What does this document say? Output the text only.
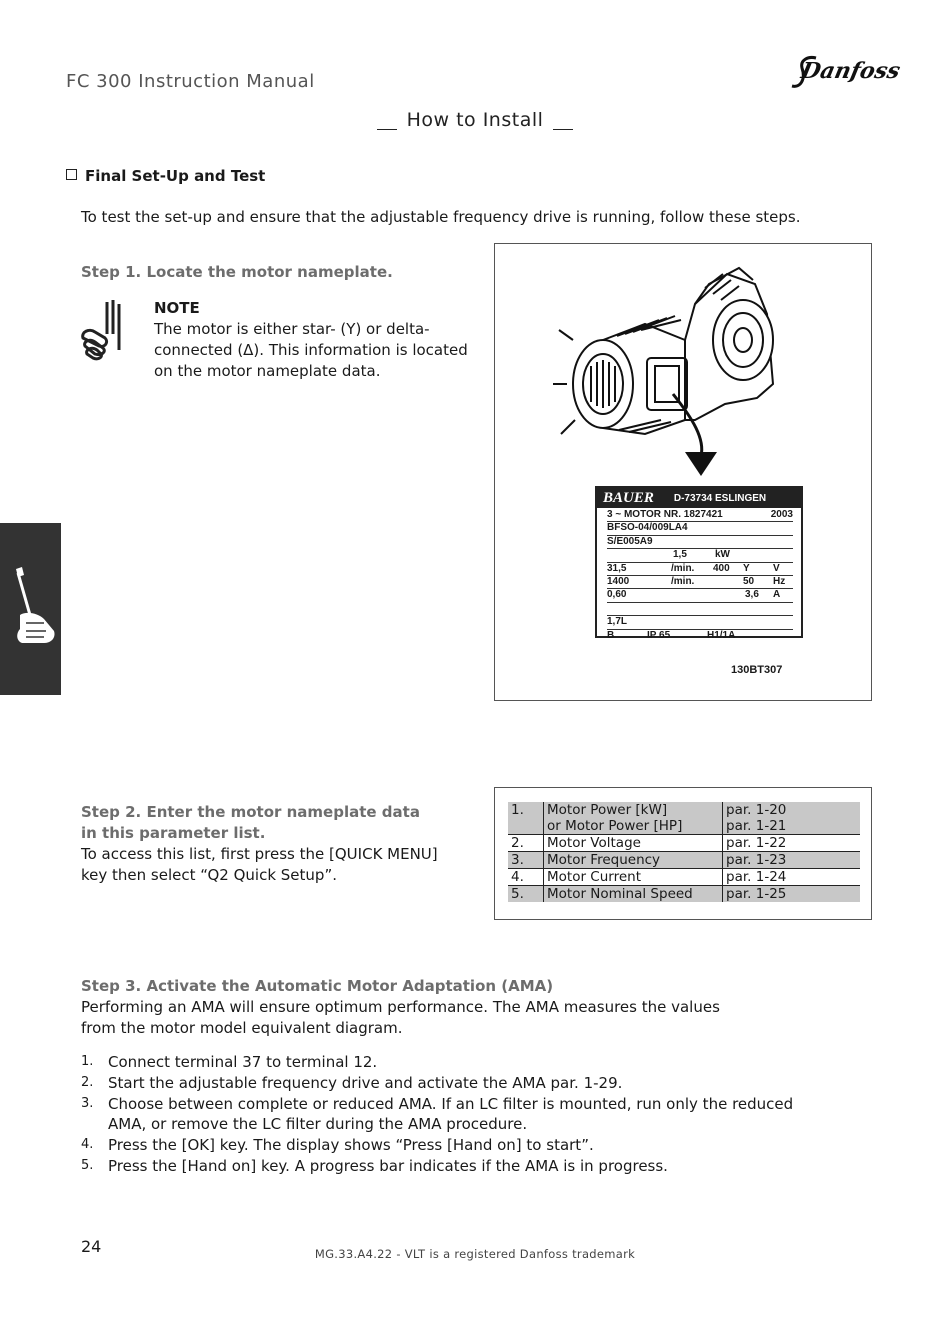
FC 300 Instruction Manual	Danfoss
How to Install
Final Set-Up and Test
To test the set-up and ensure that the adjustable frequency drive is running, follow these steps.
Step 1. Locate the motor nameplate.
NOTE
The motor is either star- (Y) or delta-
connected (Δ). This information is located
on the motor nameplate data.
BAUER D-73734 ESLINGEN
3 ~ MOTOR NR. 1827421	2003
BFSO-04/009LA4
S/E005A9
1,5	kW
31,5	/min. 400 Y V
1400	/min.	50 Hz
0,60	3,6 A
1,7L
B	IP 65	H1/1A
130BT307
Step 2. Enter the motor nameplate data
in this parameter list.
To access this list, first press the [QUICK MENU]
key then select “Q2 Quick Setup”.
1.	Motor Power [kW]	par. 1-20
	or Motor Power [HP]	par. 1-21
2.	Motor Voltage	par. 1-22
3.	Motor Frequency	par. 1-23
4.	Motor Current	par. 1-24
5.	Motor Nominal Speed	par. 1-25
Step 3. Activate the Automatic Motor Adaptation (AMA)
Performing an AMA will ensure optimum performance. The AMA measures the values
from the motor model equivalent diagram.
1. Connect terminal 37 to terminal 12.
2. Start the adjustable frequency drive and activate the AMA par. 1-29.
3. Choose between complete or reduced AMA. If an LC filter is mounted, run only the reduced AMA, or remove the LC filter during the AMA procedure.
4. Press the [OK] key. The display shows “Press [Hand on] to start”.
5. Press the [Hand on] key. A progress bar indicates if the AMA is in progress.
24	MG.33.A4.22 - VLT is a registered Danfoss trademark
